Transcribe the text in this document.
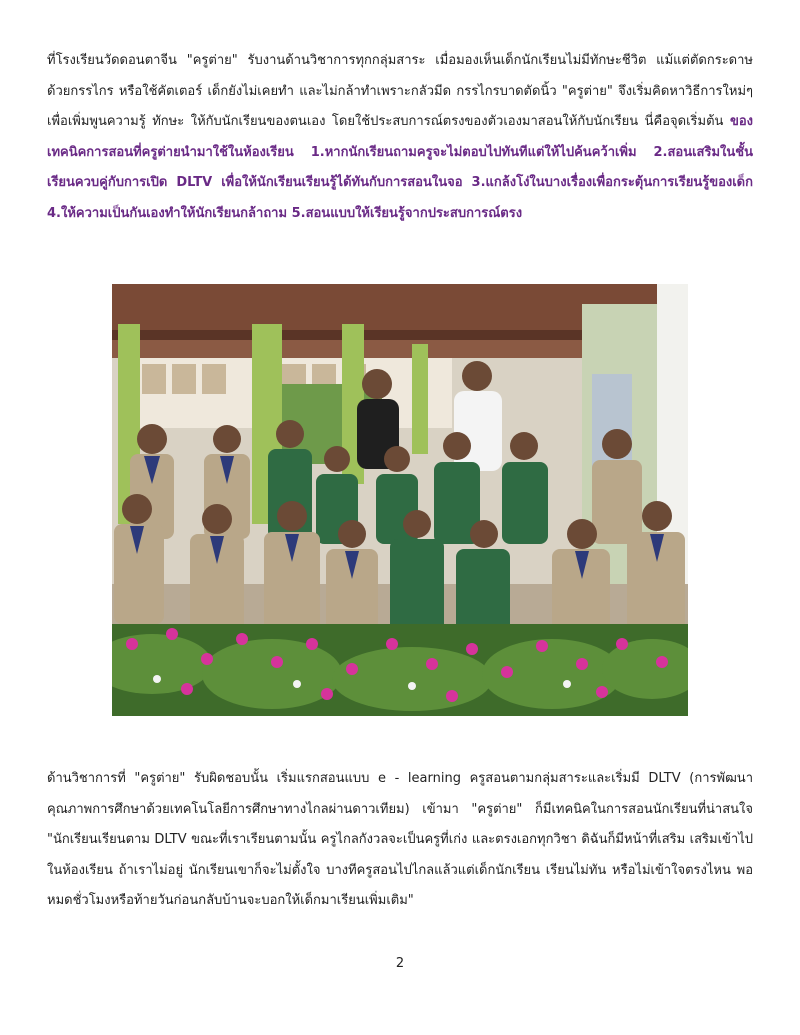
ที่โรงเรียนวัดดอนตาจีน "ครูต่าย" รับงานด้านวิชาการทุกกลุ่มสาระ เมื่อมองเห็นเด็กนักเรียนไม่มีทักษะชีวิต แม้แต่ตัดกระดาษด้วยกรรไกร หรือใช้คัตเตอร์ เด็กยังไม่เคยทำ และไม่กล้าทำเพราะกลัวมีด กรรไกรบาดตัดนิ้ว "ครูต่าย" จึงเริ่มคิดหาวิธีการใหม่ๆ เพื่อเพิ่มพูนความรู้ ทักษะ ให้กับนักเรียนของตนเอง โดยใช้ประสบการณ์ตรงของตัวเองมาสอนให้กับนักเรียน นี่คือจุดเริ่มต้น ของเทคนิคการสอนที่ครูต่ายนำมาใช้ในห้องเรียน 1.หากนักเรียนถามครูจะไม่ตอบไปทันทีแต่ให้ไปค้นคว้าเพิ่ม 2.สอนเสริมในชั้นเรียนควบคู่กับการเปิด DLTV เพื่อให้นักเรียนเรียนรู้ได้ทันกับการสอนในจอ 3.แกล้งโง่ในบางเรื่องเพื่อกระตุ้นการเรียนรู้ของเด็ก 4.ให้ความเป็นกันเองทำให้นักเรียนกล้าถาม 5.สอนแบบให้เรียนรู้จากประสบการณ์ตรง

ด้านวิชาการที่ "ครูต่าย" รับผิดชอบนั้น เริ่มแรกสอนแบบ e - learning ครูสอนตามกลุ่มสาระและเริ่มมี DLTV (การพัฒนาคุณภาพการศึกษาด้วยเทคโนโลยีการศึกษาทางไกลผ่านดาวเทียม) เข้ามา "ครูต่าย" ก็มีเทคนิคในการสอนนักเรียนที่น่าสนใจ "นักเรียนเรียนตาม DLTV ขณะที่เราเรียนตามนั้น ครูไกลกังวลจะเป็นครูที่เก่ง และตรงเอกทุกวิชา ดิฉันก็มีหน้าที่เสริม เสริมเข้าไปในห้องเรียน ถ้าเราไม่อยู่ นักเรียนเขาก็จะไม่ตั้งใจ บางทีครูสอนไปไกลแล้วแต่เด็กนักเรียน เรียนไม่ทัน หรือไม่เข้าใจตรงไหน พอหมดชั่วโมงหรือท้ายวันก่อนกลับบ้านจะบอกให้เด็กมาเรียนเพิ่มเติม"

2
